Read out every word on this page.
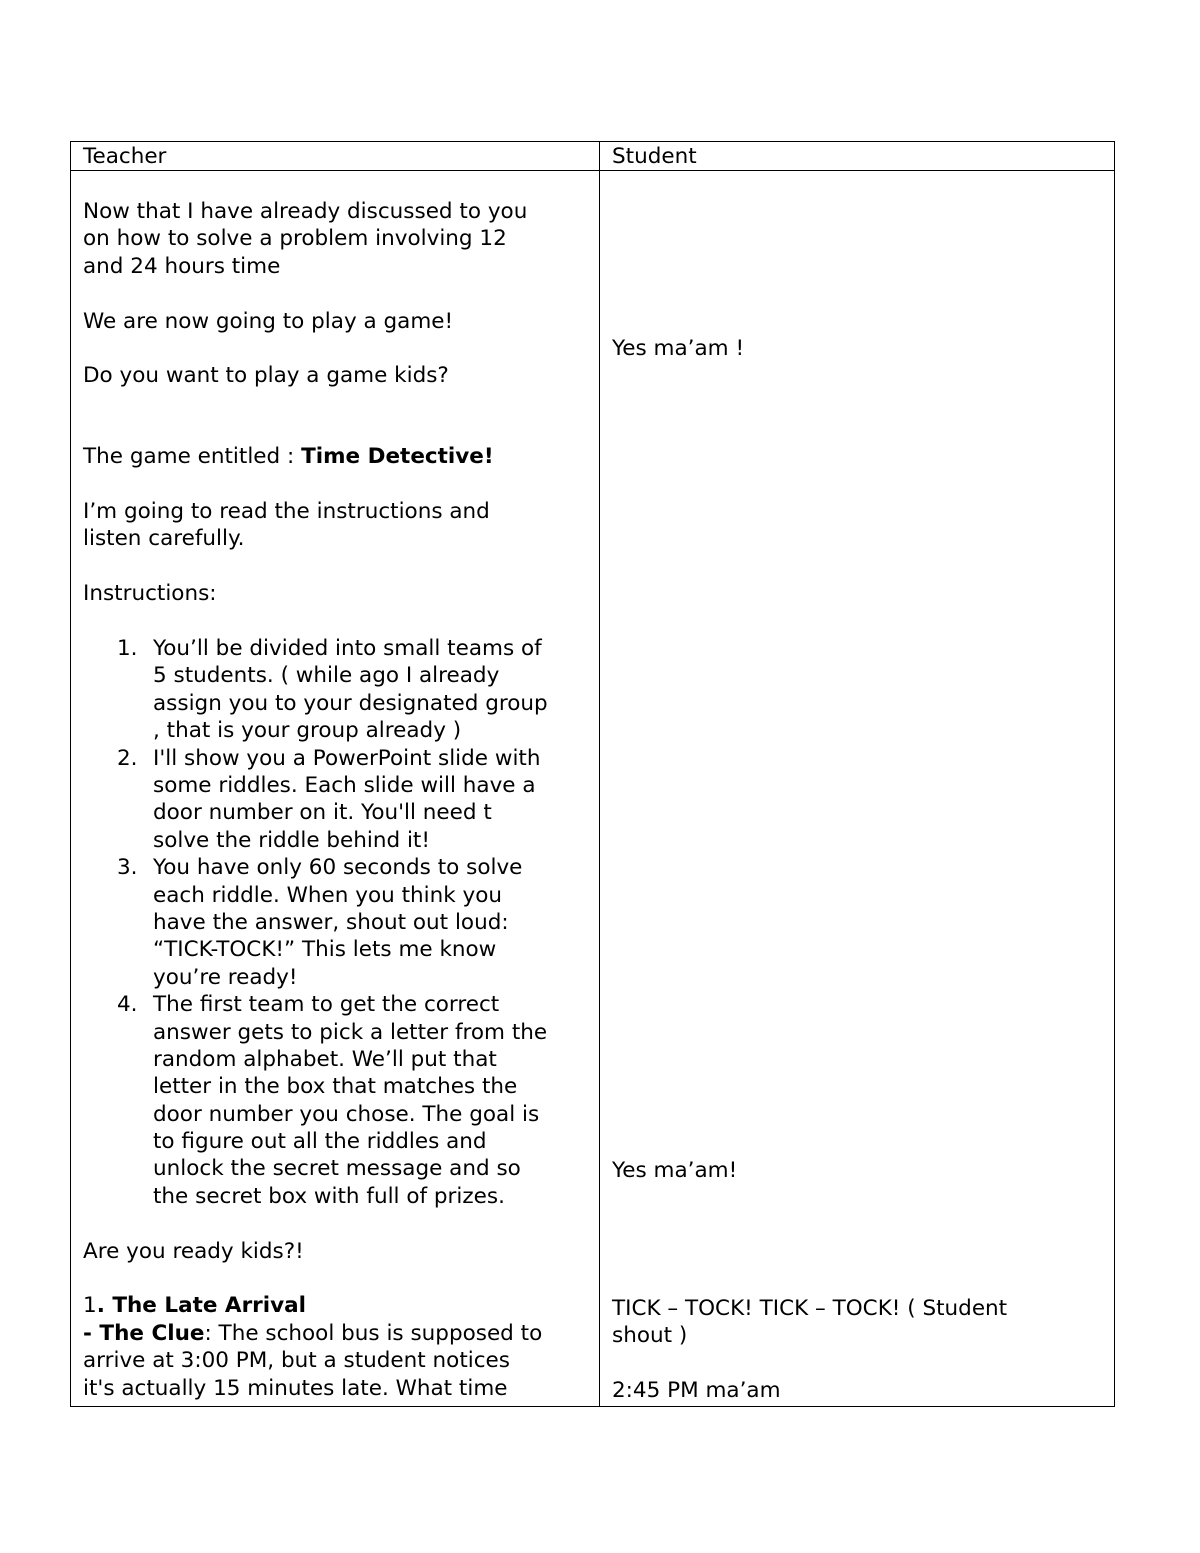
Teacher	Student
Now that I have already discussed to you
on how to solve a problem involving 12
and 24 hours time
We are now going to play a game!
Do you want to play a game kids?
The game entitled : Time Detective!
I’m going to read the instructions and
listen carefully.
Instructions:
1. You’ll be divided into small teams of
5 students. ( while ago I already
assign you to your designated group
, that is your group already )
2. I'll show you a PowerPoint slide with
some riddles. Each slide will have a
door number on it. You'll need t
solve the riddle behind it!
3. You have only 60 seconds to solve
each riddle. When you think you
have the answer, shout out loud:
“TICK-TOCK!” This lets me know
you’re ready!
4. The first team to get the correct
answer gets to pick a letter from the
random alphabet. We’ll put that
letter in the box that matches the
door number you chose. The goal is
to figure out all the riddles and
unlock the secret message and so
the secret box with full of prizes.
Are you ready kids?!
1. The Late Arrival
- The Clue: The school bus is supposed to
arrive at 3:00 PM, but a student notices
it's actually 15 minutes late. What time
Yes ma’am !
Yes ma’am!
TICK – TOCK! TICK – TOCK! ( Student
shout )
2:45 PM ma’am
